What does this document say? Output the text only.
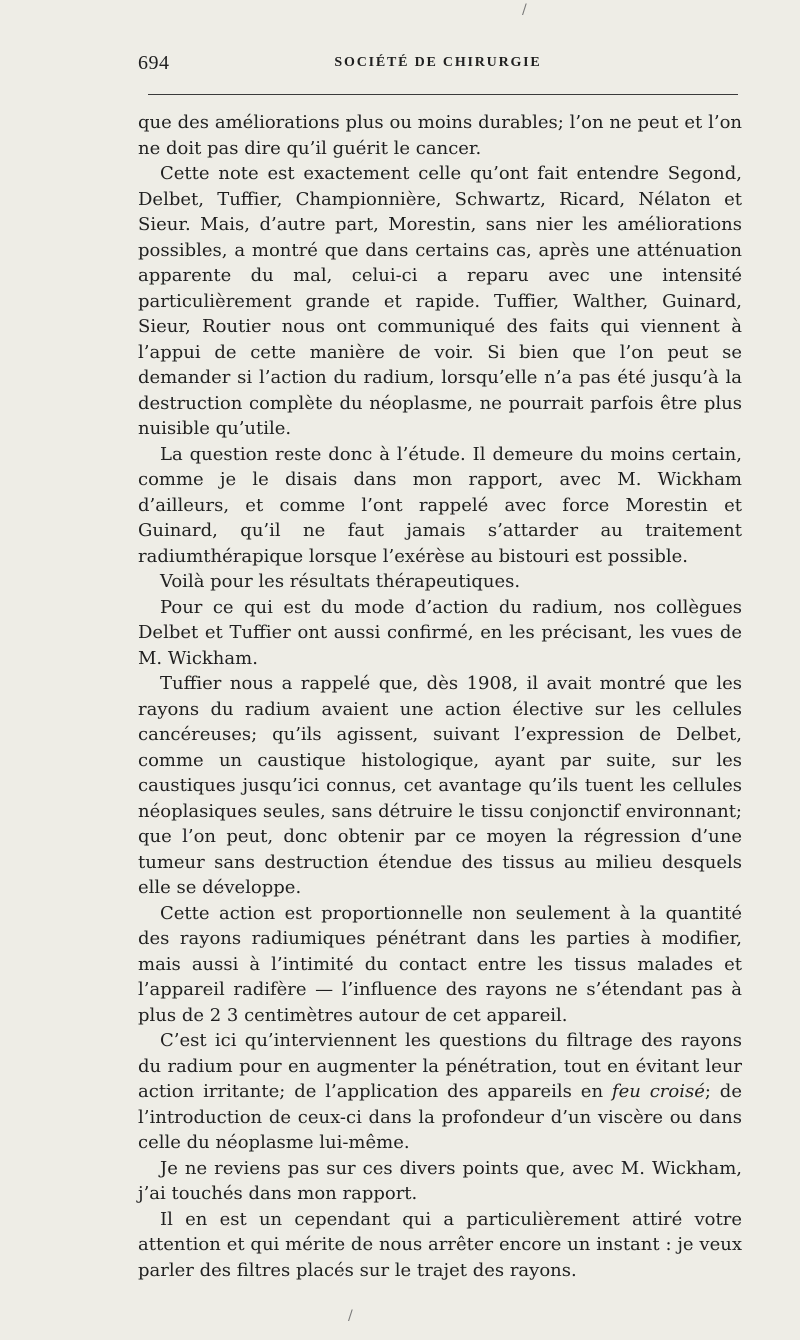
694	SOCIÉTÉ DE CHIRURGIE

que des améliorations plus ou moins durables; l’on ne peut et l’on ne doit pas dire qu’il guérit le cancer.

Cette note est exactement celle qu’ont fait entendre Segond, Delbet, Tuffier, Championnière, Schwartz, Ricard, Nélaton et Sieur. Mais, d’autre part, Morestin, sans nier les améliorations possibles, a montré que dans certains cas, après une atténuation apparente du mal, celui-ci a reparu avec une intensité particulièrement grande et rapide. Tuffier, Walther, Guinard, Sieur, Routier nous ont communiqué des faits qui viennent à l’appui de cette manière de voir. Si bien que l’on peut se demander si l’action du radium, lorsqu’elle n’a pas été jusqu’à la destruction complète du néoplasme, ne pourrait parfois être plus nuisible qu’utile.

La question reste donc à l’étude. Il demeure du moins certain, comme je le disais dans mon rapport, avec M. Wickham d’ailleurs, et comme l’ont rappelé avec force Morestin et Guinard, qu’il ne faut jamais s’attarder au traitement radiumthérapique lorsque l’exérèse au bistouri est possible.

Voilà pour les résultats thérapeutiques.

Pour ce qui est du mode d’action du radium, nos collègues Delbet et Tuffier ont aussi confirmé, en les précisant, les vues de M. Wickham.

Tuffier nous a rappelé que, dès 1908, il avait montré que les rayons du radium avaient une action élective sur les cellules cancéreuses; qu’ils agissent, suivant l’expression de Delbet, comme un caustique histologique, ayant par suite, sur les caustiques jusqu’ici connus, cet avantage qu’ils tuent les cellules néoplasiques seules, sans détruire le tissu conjonctif environnant; que l’on peut, donc obtenir par ce moyen la régression d’une tumeur sans destruction étendue des tissus au milieu desquels elle se développe.

Cette action est proportionnelle non seulement à la quantité des rayons radiumiques pénétrant dans les parties à modifier, mais aussi à l’intimité du contact entre les tissus malades et l’appareil radifère — l’influence des rayons ne s’étendant pas à plus de 2 3 centimètres autour de cet appareil.

C’est ici qu’interviennent les questions du filtrage des rayons du radium pour en augmenter la pénétration, tout en évitant leur action irritante; de l’application des appareils en feu croisé; de l’introduction de ceux-ci dans la profondeur d’un viscère ou dans celle du néoplasme lui-même.

Je ne reviens pas sur ces divers points que, avec M. Wickham, j’ai touchés dans mon rapport.

Il en est un cependant qui a particulièrement attiré votre attention et qui mérite de nous arrêter encore un instant : je veux parler des filtres placés sur le trajet des rayons.

/
/
